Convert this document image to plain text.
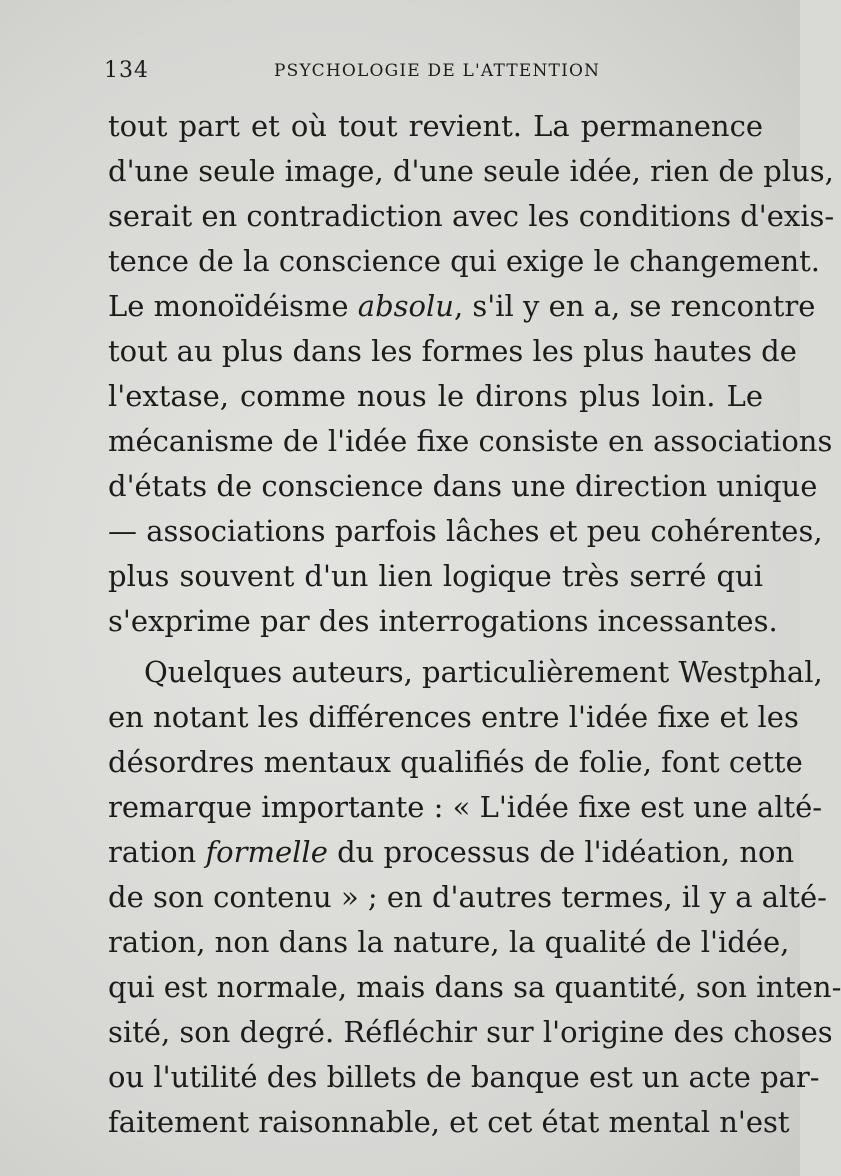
134	PSYCHOLOGIE DE L'ATTENTION
tout part et où tout revient. La permanence
d'une seule image, d'une seule idée, rien de plus,
serait en contradiction avec les conditions d'exis-
tence de la conscience qui exige le changement.
Le monoïdéisme absolu, s'il y en a, se rencontre
tout au plus dans les formes les plus hautes de
l'extase, comme nous le dirons plus loin. Le
mécanisme de l'idée fixe consiste en associations
d'états de conscience dans une direction unique
— associations parfois lâches et peu cohérentes,
plus souvent d'un lien logique très serré qui
s'exprime par des interrogations incessantes.
Quelques auteurs, particulièrement Westphal,
en notant les différences entre l'idée fixe et les
désordres mentaux qualifiés de folie, font cette
remarque importante : « L'idée fixe est une alté-
ration formelle du processus de l'idéation, non
de son contenu » ; en d'autres termes, il y a alté-
ration, non dans la nature, la qualité de l'idée,
qui est normale, mais dans sa quantité, son inten-
sité, son degré. Réfléchir sur l'origine des choses
ou l'utilité des billets de banque est un acte par-
faitement raisonnable, et cet état mental n'est
